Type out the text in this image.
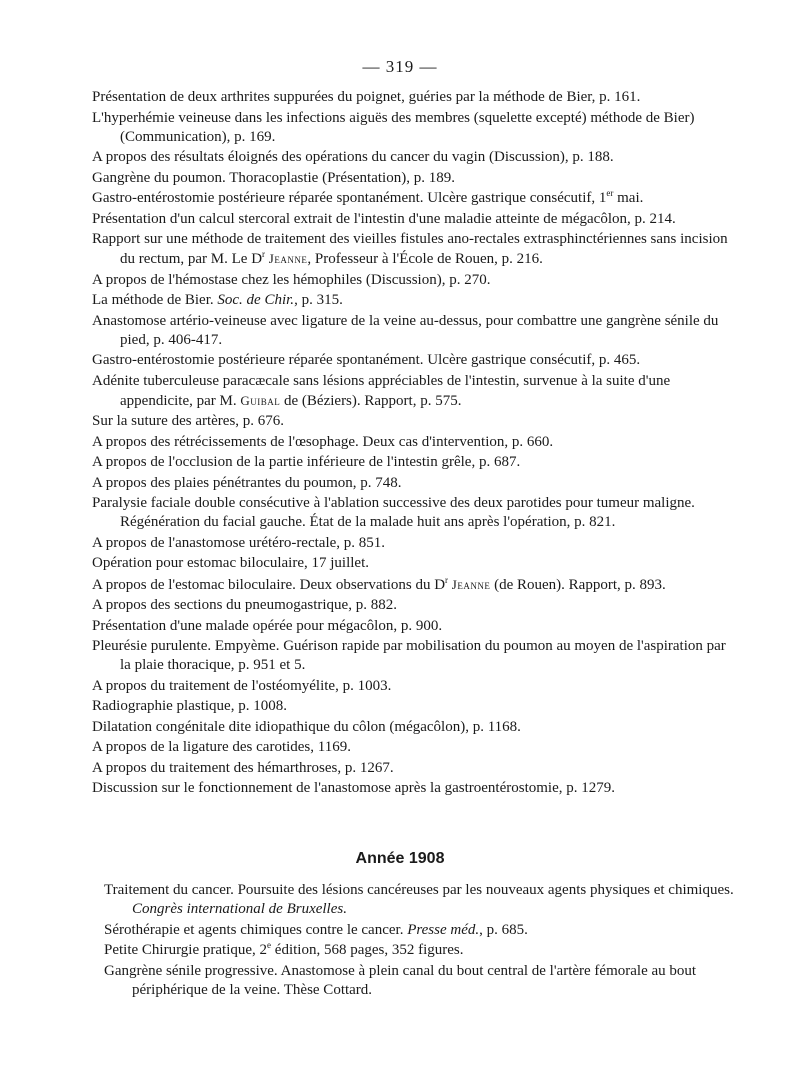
— 319 —

Présentation de deux arthrites suppurées du poignet, guéries par la méthode de Bier, p. 161.

L'hyperhémie veineuse dans les infections aiguës des membres (squelette excepté) méthode de Bier) (Communication), p. 169.

A propos des résultats éloignés des opérations du cancer du vagin (Discussion), p. 188.

Gangrène du poumon. Thoracoplastie (Présentation), p. 189.

Gastro-entérostomie postérieure réparée spontanément. Ulcère gastrique consécutif, 1er mai.

Présentation d'un calcul stercoral extrait de l'intestin d'une maladie atteinte de mégacôlon, p. 214.

Rapport sur une méthode de traitement des vieilles fistules ano-rectales extrasphinctériennes sans incision du rectum, par M. Le $D^r$ Jeanne, Professeur à l'École de Rouen, p. 216.

A propos de l'hémostase chez les hémophiles (Discussion), p. 270.

La méthode de Bier. Soc. de Chir., p. 315.

Anastomose artério-veineuse avec ligature de la veine au-dessus, pour combattre une gangrène sénile du pied, p. 406-417.

Gastro-entérostomie postérieure réparée spontanément. Ulcère gastrique consécutif, p. 465.

Adénite tuberculeuse paracæcale sans lésions appréciables de l'intestin, survenue à la suite d'une appendicite, par M. Guibal de (Béziers). Rapport, p. 575.

Sur la suture des artères, p. 676.

A propos des rétrécissements de l'œsophage. Deux cas d'intervention, p. 660.

A propos de l'occlusion de la partie inférieure de l'intestin grêle, p. 687.

A propos des plaies pénétrantes du poumon, p. 748.

Paralysie faciale double consécutive à l'ablation successive des deux parotides pour tumeur maligne. Régénération du facial gauche. État de la malade huit ans après l'opération, p. 821.

A propos de l'anastomose urétéro-rectale, p. 851.

Opération pour estomac biloculaire, 17 juillet.

A propos de l'estomac biloculaire. Deux observations du $D^r$ Jeanne (de Rouen). Rapport, p. 893.

A propos des sections du pneumogastrique, p. 882.

Présentation d'une malade opérée pour mégacôlon, p. 900.

Pleurésie purulente. Empyème. Guérison rapide par mobilisation du poumon au moyen de l'aspiration par la plaie thoracique, p. 951 et 5.

A propos du traitement de l'ostéomyélite, p. 1003.

Radiographie plastique, p. 1008.

Dilatation congénitale dite idiopathique du côlon (mégacôlon), p. 1168.

A propos de la ligature des carotides, 1169.

A propos du traitement des hémarthroses, p. 1267.

Discussion sur le fonctionnement de l'anastomose après la gastroentérostomie, p. 1279.

Année 1908

Traitement du cancer. Poursuite des lésions cancéreuses par les nouveaux agents physiques et chimiques. Congrès international de Bruxelles.

Sérothérapie et agents chimiques contre le cancer. Presse méd., p. 685.

Petite Chirurgie pratique, 2e édition, 568 pages, 352 figures.

Gangrène sénile progressive. Anastomose à plein canal du bout central de l'artère fémorale au bout périphérique de la veine. Thèse Cottard.
